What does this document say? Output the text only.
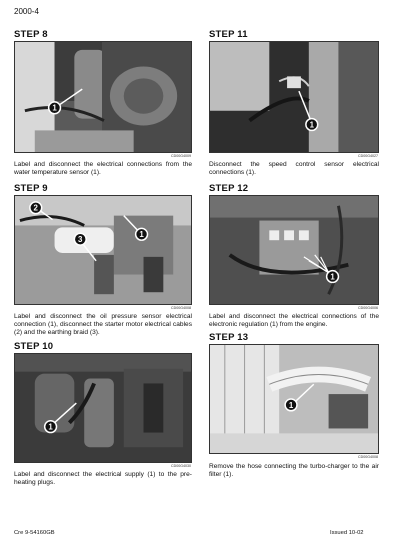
2000-4
STEP 8
1
CD00G4009
Label and disconnect the electrical connections from the water temperature sensor (1).
STEP 11
1
CD00G4027
Disconnect the speed control sensor electrical connections (1).
STEP 9
2
1
3
CD00G4008
Label and disconnect the oil pressure sensor electrical connection (1), disconnect the starter motor electrical cables (2) and the earthing braid (3).
STEP 12
1
CD00G4006
Label and disconnect the electrical connections of the electronic regulation (1) from the engine.
STEP 10
1
CD00G4030
Label and disconnect the electrical supply (1) to the pre-heating plugs.
STEP 13
1
CD00G4008
Remove the hose connecting the turbo-charger to the air filter (1).
Cre 9-54160GB	Issued 10-02
